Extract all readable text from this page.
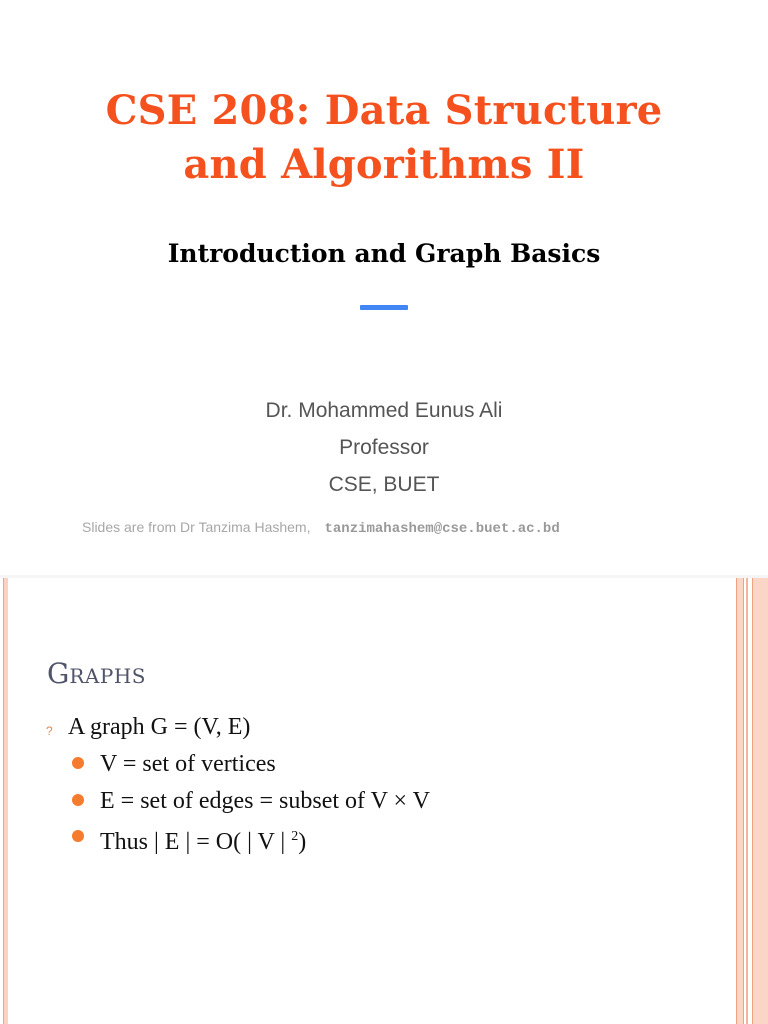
CSE 208: Data Structure
and Algorithms II
Introduction and Graph Basics
Dr. Mohammed Eunus Ali
Professor
CSE, BUET
Slides are from Dr Tanzima Hashem, tanzimahashem@cse.buet.ac.bd
GRAPHS
? A graph G = (V, E)
V = set of vertices
E = set of edges = subset of V × V
Thus | E | = O( | V | $^2$)
